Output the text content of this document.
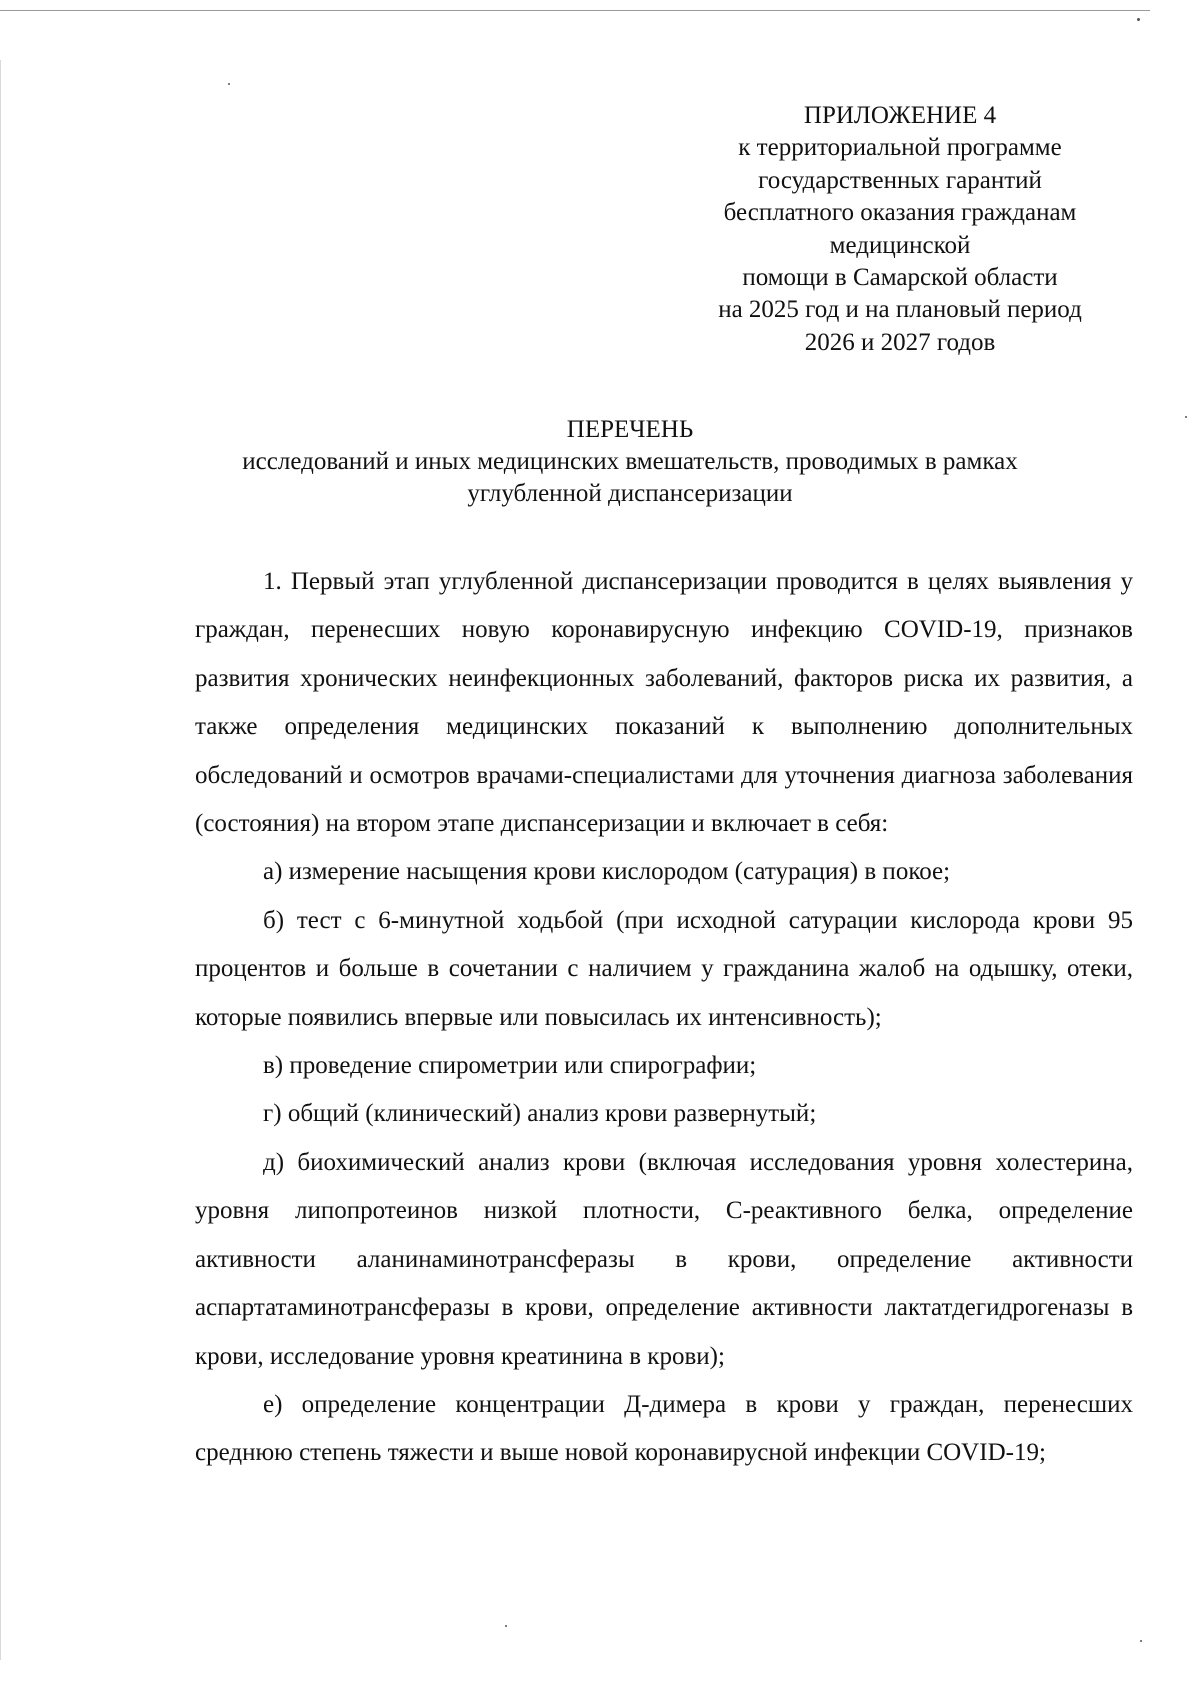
ПРИЛОЖЕНИЕ 4
к территориальной программе
государственных гарантий
бесплатного оказания гражданам
медицинской
помощи в Самарской области
на 2025 год и на плановый период
2026 и 2027 годов
ПЕРЕЧЕНЬ
исследований и иных медицинских вмешательств, проводимых в рамках
углубленной диспансеризации

1. Первый этап углубленной диспансеризации проводится в целях выявления у граждан, перенесших новую коронавирусную инфекцию COVID-19, признаков развития хронических неинфекционных заболеваний, факторов риска их развития, а также определения медицинских показаний к выполнению дополнительных обследований и осмотров врачами-специалистами для уточнения диагноза заболевания (состояния) на втором этапе диспансеризации и включает в себя:

а) измерение насыщения крови кислородом (сатурация) в покое;

б) тест с 6-минутной ходьбой (при исходной сатурации кислорода крови 95 процентов и больше в сочетании с наличием у гражданина жалоб на одышку, отеки, которые появились впервые или повысилась их интенсивность);

в) проведение спирометрии или спирографии;

г) общий (клинический) анализ крови развернутый;

д) биохимический анализ крови (включая исследования уровня холестерина, уровня липопротеинов низкой плотности, С-реактивного белка, определение активности аланинаминотрансферазы в крови, определение активности аспартатаминотрансферазы в крови, определение активности лактатдегидрогеназы в крови, исследование уровня креатинина в крови);

е) определение концентрации Д-димера в крови у граждан, перенесших среднюю степень тяжести и выше новой коронавирусной инфекции COVID-19;
